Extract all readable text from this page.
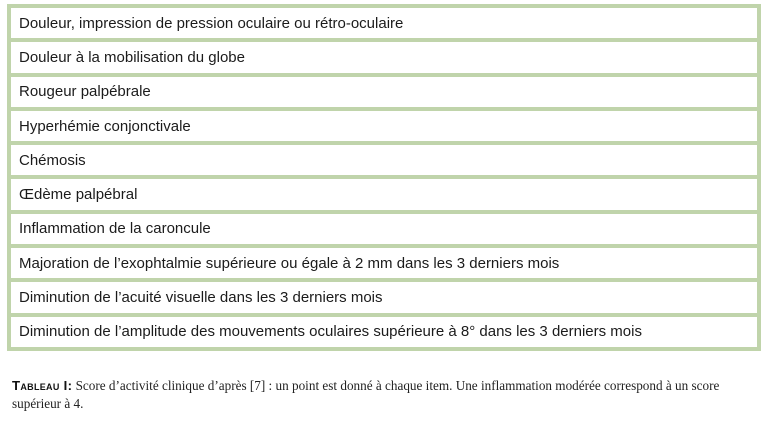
Douleur, impression de pression oculaire ou rétro-oculaire
Douleur à la mobilisation du globe
Rougeur palpébrale
Hyperhémie conjonctivale
Chémosis
Œdème palpébral
Inflammation de la caroncule
Majoration de l’exophtalmie supérieure ou égale à 2 mm dans les 3 derniers mois
Diminution de l’acuité visuelle dans les 3 derniers mois
Diminution de l’amplitude des mouvements oculaires supérieure à 8° dans les 3 derniers mois
Tableau I: Score d’activité clinique d’après [7] : un point est donné à chaque item. Une inflammation modérée correspond à un score supérieur à 4.
